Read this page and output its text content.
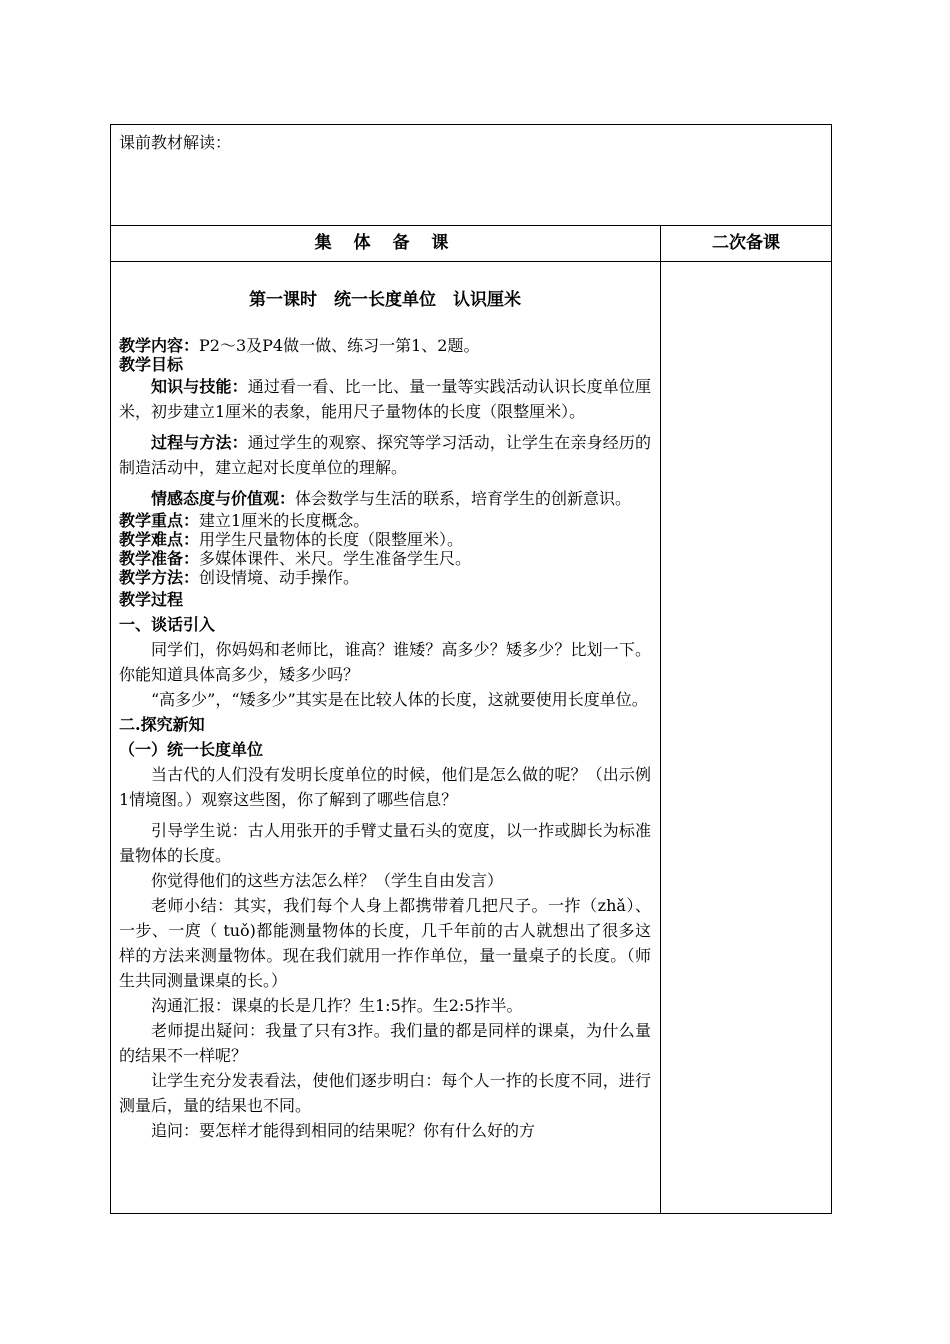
课前教材解读：
集 体 备 课	二次备课
第一课时　统一长度单位　认识厘米

教学内容：P2～3及P4做一做、练习一第1、2题。

教学目标

知识与技能：通过看一看、比一比、量一量等实践活动认识长度单位厘米，初步建立1厘米的表象，能用尺子量物体的长度（限整厘米）。

过程与方法：通过学生的观察、探究等学习活动，让学生在亲身经历的制造活动中，建立起对长度单位的理解。

情感态度与价值观：体会数学与生活的联系，培育学生的创新意识。

教学重点：建立1厘米的长度概念。

教学难点：用学生尺量物体的长度（限整厘米）。

教学准备：多媒体课件、米尺。学生准备学生尺。

教学方法：创设情境、动手操作。

教学过程

一、谈话引入

同学们，你妈妈和老师比，谁高？谁矮？高多少？矮多少？比划一下。你能知道具体高多少，矮多少吗？

“高多少”，“矮多少”其实是在比较人体的长度，这就要使用长度单位。

二.探究新知

（一）统一长度单位

当古代的人们没有发明长度单位的时候，他们是怎么做的呢？（出示例1情境图。）观察这些图，你了解到了哪些信息？

引导学生说：古人用张开的手臂丈量石头的宽度，以一拃或脚长为标准量物体的长度。

你觉得他们的这些方法怎么样？（学生自由发言）

老师小结：其实，我们每个人身上都携带着几把尺子。一拃（zhǎ）、一步、一庹（ tuǒ)都能测量物体的长度，几千年前的古人就想出了很多这样的方法来测量物体。现在我们就用一拃作单位，量一量桌子的长度。（师生共同测量课桌的长。）

沟通汇报：课桌的长是几拃？生1:5拃。生2:5拃半。

老师提出疑问：我量了只有3拃。我们量的都是同样的课桌，为什么量的结果不一样呢？

让学生充分发表看法，使他们逐步明白：每个人一拃的长度不同，进行测量后，量的结果也不同。

追问：要怎样才能得到相同的结果呢？你有什么好的方
